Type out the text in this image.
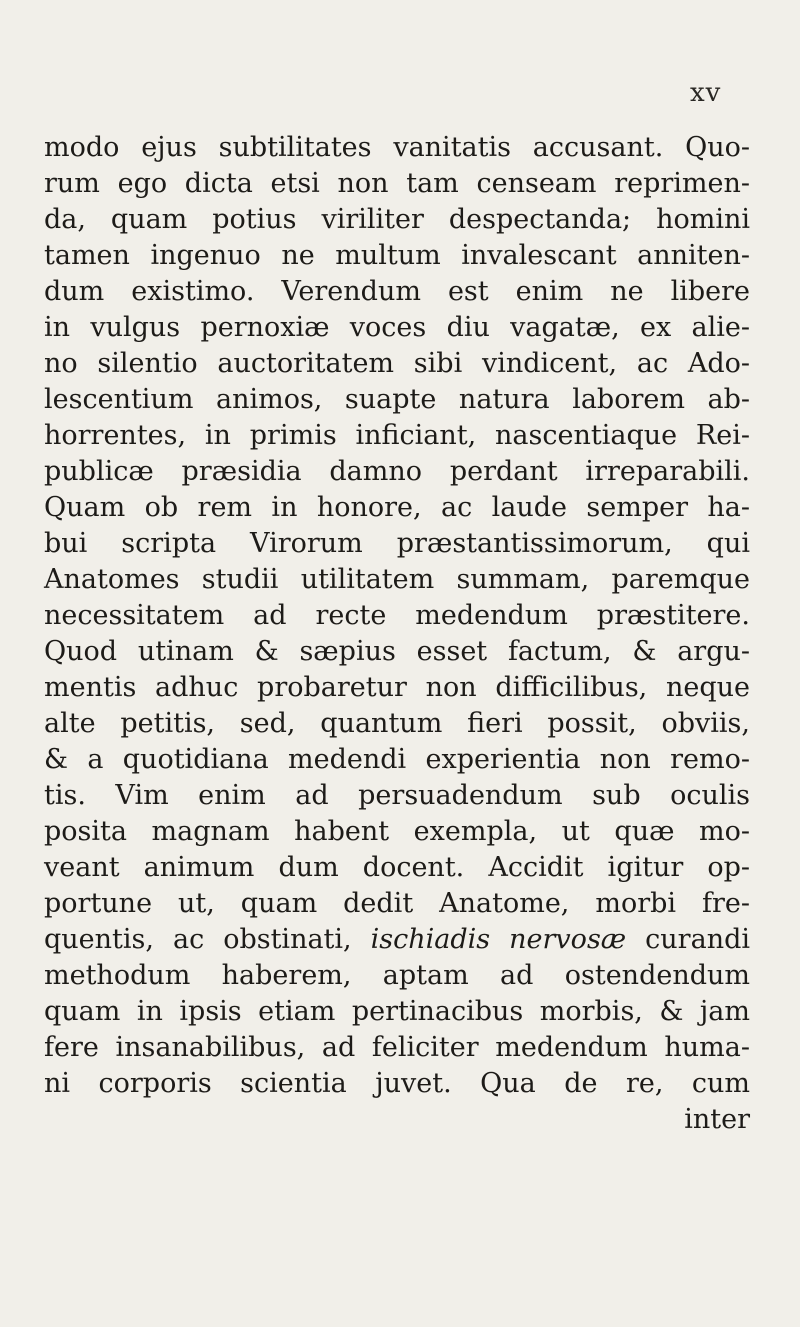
xv
modo ejus subtilitates vanitatis accusant. Quo-
rum ego dicta etsi non tam censeam reprimen-
da, quam potius viriliter despectanda; homini
tamen ingenuo ne multum invalescant anniten-
dum existimo. Verendum est enim ne libere
in vulgus pernoxiæ voces diu vagatæ, ex alie-
no silentio auctoritatem sibi vindicent, ac Ado-
lescentium animos, suapte natura laborem ab-
horrentes, in primis inficiant, nascentiaque Rei-
publicæ præsidia damno perdant irreparabili.
Quam ob rem in honore, ac laude semper ha-
bui scripta Virorum præstantissimorum, qui
Anatomes studii utilitatem summam, paremque
necessitatem ad recte medendum præstitere.
Quod utinam & sæpius esset factum, & argu-
mentis adhuc probaretur non difficilibus, neque
alte petitis, sed, quantum fieri possit, obviis,
& a quotidiana medendi experientia non remo-
tis. Vim enim ad persuadendum sub oculis
posita magnam habent exempla, ut quæ mo-
veant animum dum docent. Accidit igitur op-
portune ut, quam dedit Anatome, morbi fre-
quentis, ac obstinati, ischiadis nervosæ curandi
methodum haberem, aptam ad ostendendum
quam in ipsis etiam pertinacibus morbis, & jam
fere insanabilibus, ad feliciter medendum huma-
ni corporis scientia juvet. Qua de re, cum
inter
